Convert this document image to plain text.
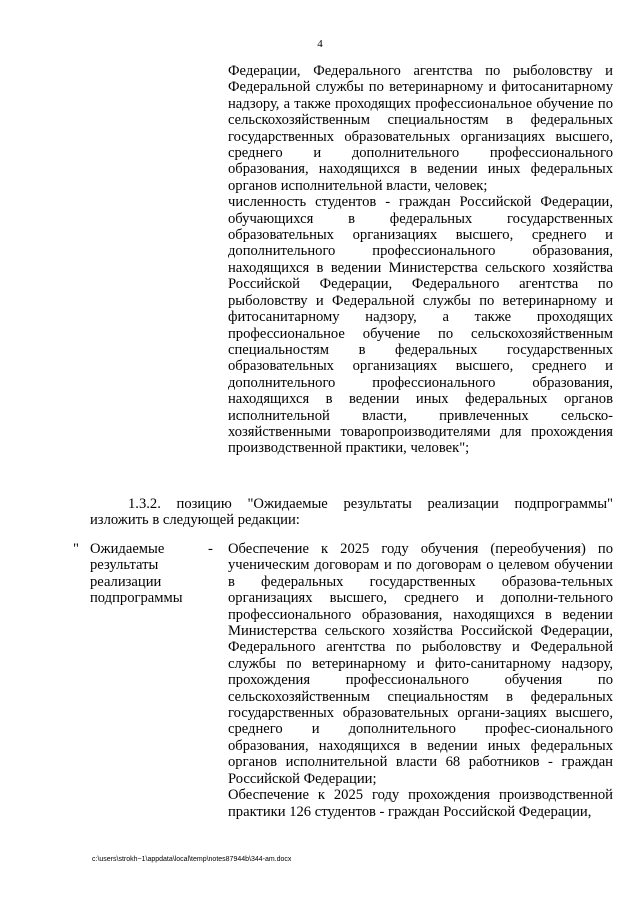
4

Федерации, Федерального агентства по рыболовству и Федеральной службы по ветеринарному и фитосанитарному надзору, а также проходящих профессиональное обучение по сельскохозяйственным специальностям в федеральных государственных образовательных организациях высшего, среднего и дополнительного профессионального образования, находящихся в ведении иных федеральных органов исполнительной власти, человек;

численность студентов - граждан Российской Федерации, обучающихся в федеральных государственных образовательных организациях высшего, среднего и дополнительного профессионального образования, находящихся в ведении Министерства сельского хозяйства Российской Федерации, Федерального агентства по рыболовству и Федеральной службы по ветеринарному и фитосанитарному надзору, а также проходящих профессиональное обучение по сельскохозяйственным специальностям в федеральных государственных образовательных организациях высшего, среднего и дополнительного профессионального образования, находящихся в ведении иных федеральных органов исполнительной власти, привлеченных сельско-хозяйственными товаропроизводителями для прохождения производственной практики, человек";

1.3.2. позицию "Ожидаемые результаты реализации подпрограммы" изложить в следующей редакции:
" Ожидаемые результаты реализации подпрограммы
- Обеспечение к 2025 году обучения (переобучения) по ученическим договорам и по договорам о целевом обучении в федеральных государственных образова-тельных организациях высшего, среднего и дополни-тельного профессионального образования, находящихся в ведении Министерства сельского хозяйства Российской Федерации, Федерального агентства по рыболовству и Федеральной службы по ветеринарному и фито-санитарному надзору, прохождения профессионального обучения по сельскохозяйственным специальностям в федеральных государственных образовательных органи-зациях высшего, среднего и дополнительного профес-сионального образования, находящихся в ведении иных федеральных органов исполнительной власти 68 работников - граждан Российской Федерации;

Обеспечение к 2025 году прохождения производственной практики 126 студентов - граждан Российской Федерации,

c:\users\strokh~1\appdata\local\temp\notes87944b\344-am.docx
